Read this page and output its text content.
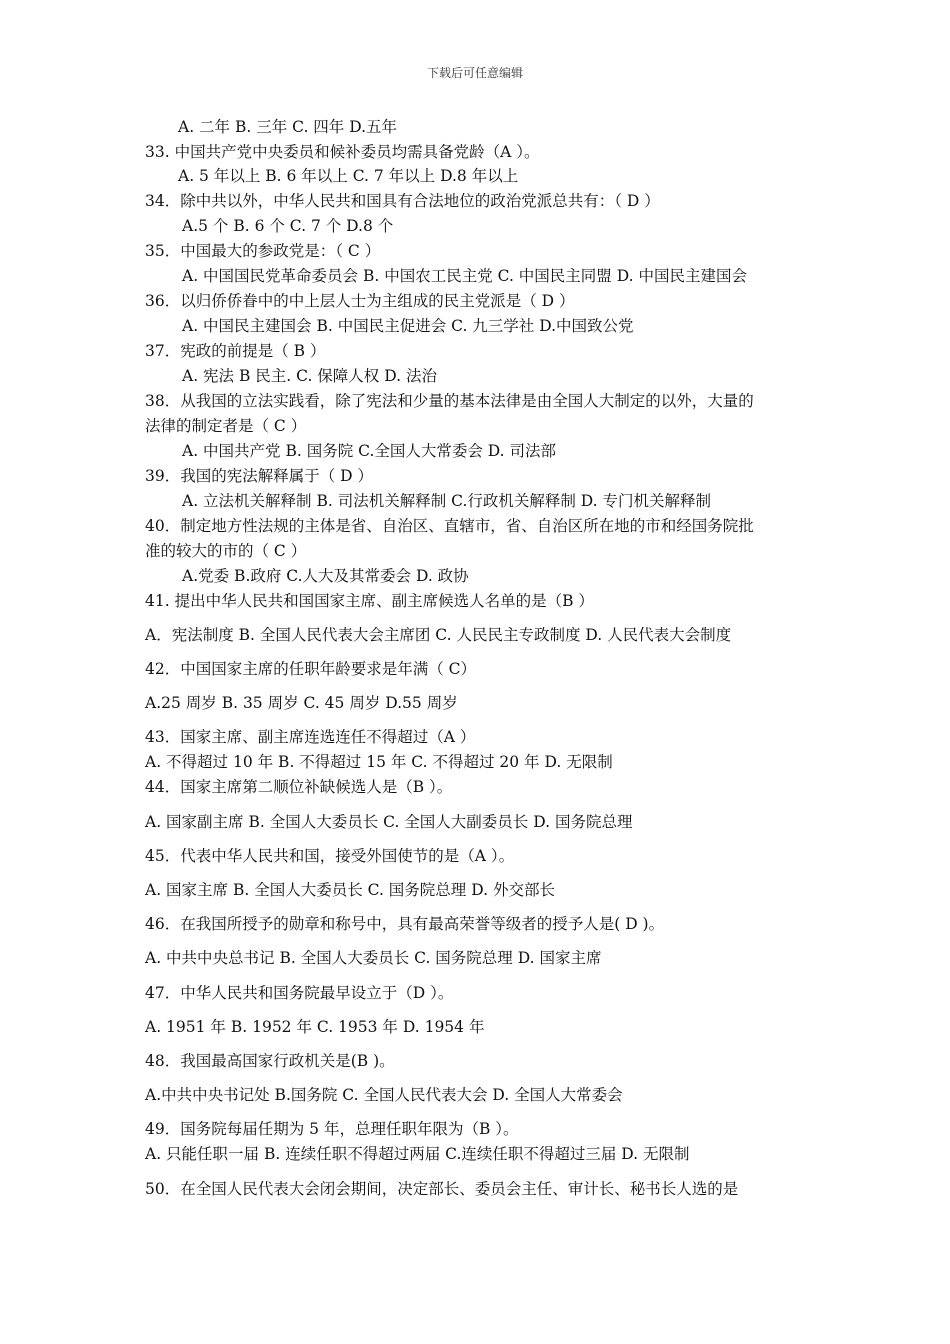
下载后可任意编辑
A. 二年 B. 三年 C. 四年 D.五年
33. 中国共产党中央委员和候补委员均需具备党龄（A ）。
A. 5 年以上 B. 6 年以上 C. 7 年以上 D.8 年以上
34．除中共以外，中华人民共和国具有合法地位的政治党派总共有：（ D ）
A.5 个 B. 6 个 C. 7 个 D.8 个
35．中国最大的参政党是：（ C ）
A. 中国国民党革命委员会 B. 中国农工民主党 C. 中国民主同盟 D. 中国民主建国会
36．以归侨侨眷中的中上层人士为主组成的民主党派是（ D ）
A. 中国民主建国会 B. 中国民主促进会 C. 九三学社 D.中国致公党
37．宪政的前提是（ B ）
A. 宪法 B 民主. C. 保障人权 D. 法治
38．从我国的立法实践看，除了宪法和少量的基本法律是由全国人大制定的以外，大量的
法律的制定者是（ C ）
A. 中国共产党 B. 国务院 C.全国人大常委会 D. 司法部
39．我国的宪法解释属于（ D ）
A. 立法机关解释制 B. 司法机关解释制 C.行政机关解释制 D. 专门机关解释制
40．制定地方性法规的主体是省、自治区、直辖市，省、自治区所在地的市和经国务院批
准的较大的市的（ C ）
A.党委 B.政府 C.人大及其常委会 D. 政协
41. 提出中华人民共和国国家主席、副主席候选人名单的是（B ）
A．宪法制度 B. 全国人民代表大会主席团 C. 人民民主专政制度 D. 人民代表大会制度
42．中国国家主席的任职年龄要求是年满（ C）
A.25 周岁 B. 35 周岁 C. 45 周岁 D.55 周岁
43．国家主席、副主席连选连任不得超过（A ）
A. 不得超过 10 年 B. 不得超过 15 年 C. 不得超过 20 年 D. 无限制
44．国家主席第二顺位补缺候选人是（B ）。
A. 国家副主席 B. 全国人大委员长 C. 全国人大副委员长 D. 国务院总理
45．代表中华人民共和国，接受外国使节的是（A ）。
A. 国家主席 B. 全国人大委员长 C. 国务院总理 D. 外交部长
46．在我国所授予的勋章和称号中，具有最高荣誉等级者的授予人是( D )。
A. 中共中央总书记 B. 全国人大委员长 C. 国务院总理 D. 国家主席
47．中华人民共和国务院最早设立于（D ）。
A. 1951 年 B. 1952 年 C. 1953 年 D. 1954 年
48．我国最高国家行政机关是(B )。
A.中共中央书记处 B.国务院 C. 全国人民代表大会 D. 全国人大常委会
49．国务院每届任期为 5 年，总理任职年限为（B ）。
A. 只能任职一届 B. 连续任职不得超过两届 C.连续任职不得超过三届 D. 无限制
50．在全国人民代表大会闭会期间，决定部长、委员会主任、审计长、秘书长人选的是
